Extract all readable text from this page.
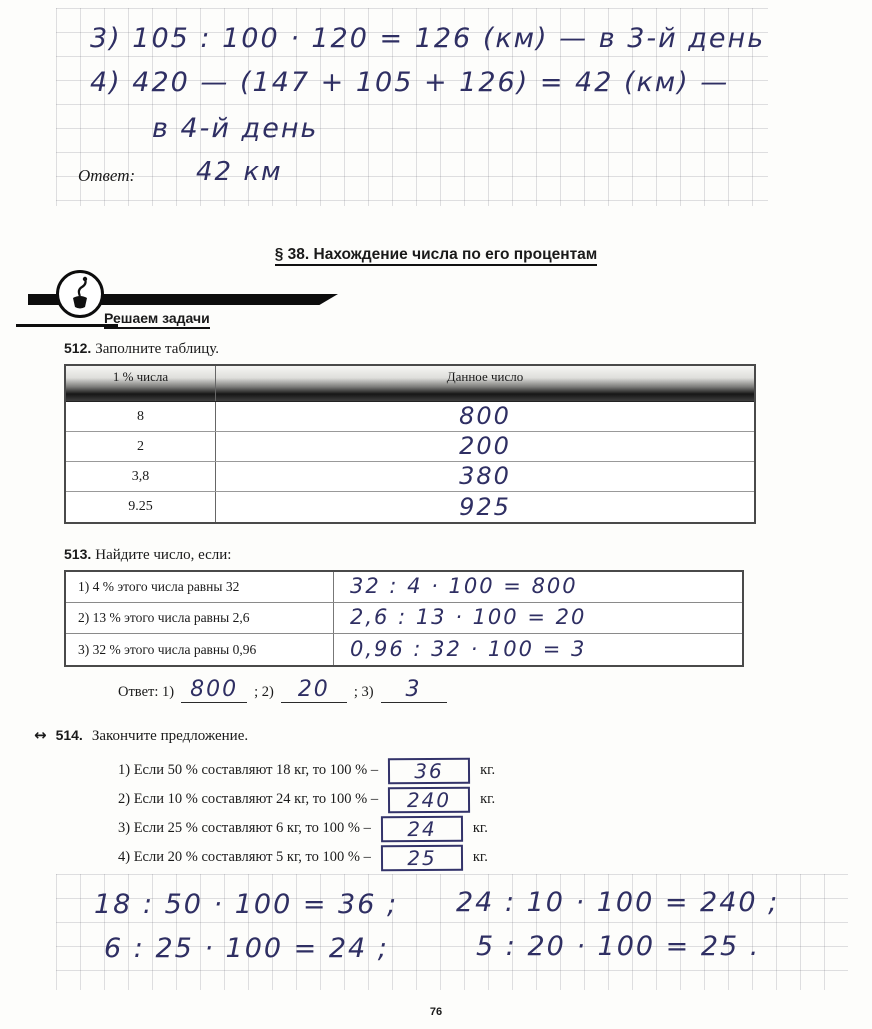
3) 105 : 100 · 120 = 126 (км) — в 3-й день
4) 420 — (147 + 105 + 126) = 42 (км) —
в 4-й день
Ответ: 42 км
§ 38. Нахождение числа по его процентам
Решаем задачи
512. Заполните таблицу.
1 % числа	Данное число
8	800
2	200
3,8	380
9.25	925
513. Найдите число, если:
1) 4 % этого числа равны 32	32 : 4 · 100 = 800
2) 13 % этого числа равны 2,6	2,6 : 13 · 100 = 20
3) 32 % этого числа равны 0,96	0,96 : 32 · 100 = 3
Ответ: 1) 800	; 2)	20	; 3)	3
↔ 514. Закончите предложение.
1) Если 50 % составляют 18 кг, то 100 % –	36	кг.
2) Если 10 % составляют 24 кг, то 100 % –	240	кг.
3) Если 25 % составляют 6 кг, то 100 % –	24	кг.
4) Если 20 % составляют 5 кг, то 100 % –	25	кг.
18 : 50 · 100 = 36 ; 24 : 10 · 100 = 240 ;
6 : 25 · 100 = 24 ;	5 : 20 · 100 = 25 .
76
